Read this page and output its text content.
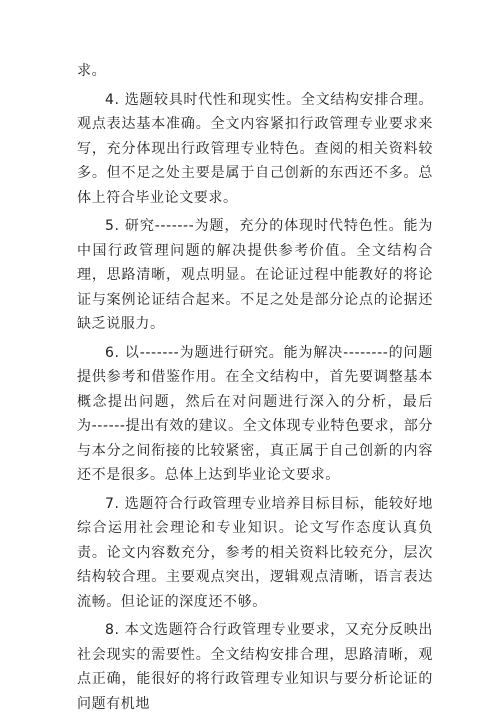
求。

4. 选题较具时代性和现实性。全文结构安排合理。观点表达基本准确。全文内容紧扣行政管理专业要求来写，充分体现出行政管理专业特色。查阅的相关资料较多。但不足之处主要是属于自己创新的东西还不多。总体上符合毕业论文要求。

5. 研究-------为题，充分的体现时代特色性。能为中国行政管理问题的解决提供参考价值。全文结构合理，思路清晰，观点明显。在论证过程中能教好的将论证与案例论证结合起来。不足之处是部分论点的论据还缺乏说服力。

6. 以-------为题进行研究。能为解决--------的问题提供参考和借鉴作用。在全文结构中，首先要调整基本概念提出问题，然后在对问题进行深入的分析，最后为------提出有效的建议。全文体现专业特色要求，部分与本分之间衔接的比较紧密，真正属于自己创新的内容还不是很多。总体上达到毕业论文要求。

7. 选题符合行政管理专业培养目标目标，能较好地综合运用社会理论和专业知识。论文写作态度认真负责。论文内容数充分，参考的相关资料比较充分，层次结构较合理。主要观点突出，逻辑观点清晰，语言表达流畅。但论证的深度还不够。

8. 本文选题符合行政管理专业要求，又充分反映出社会现实的需要性。全文结构安排合理，思路清晰，观点正确，能很好的将行政管理专业知识与要分析论证的问题有机地
